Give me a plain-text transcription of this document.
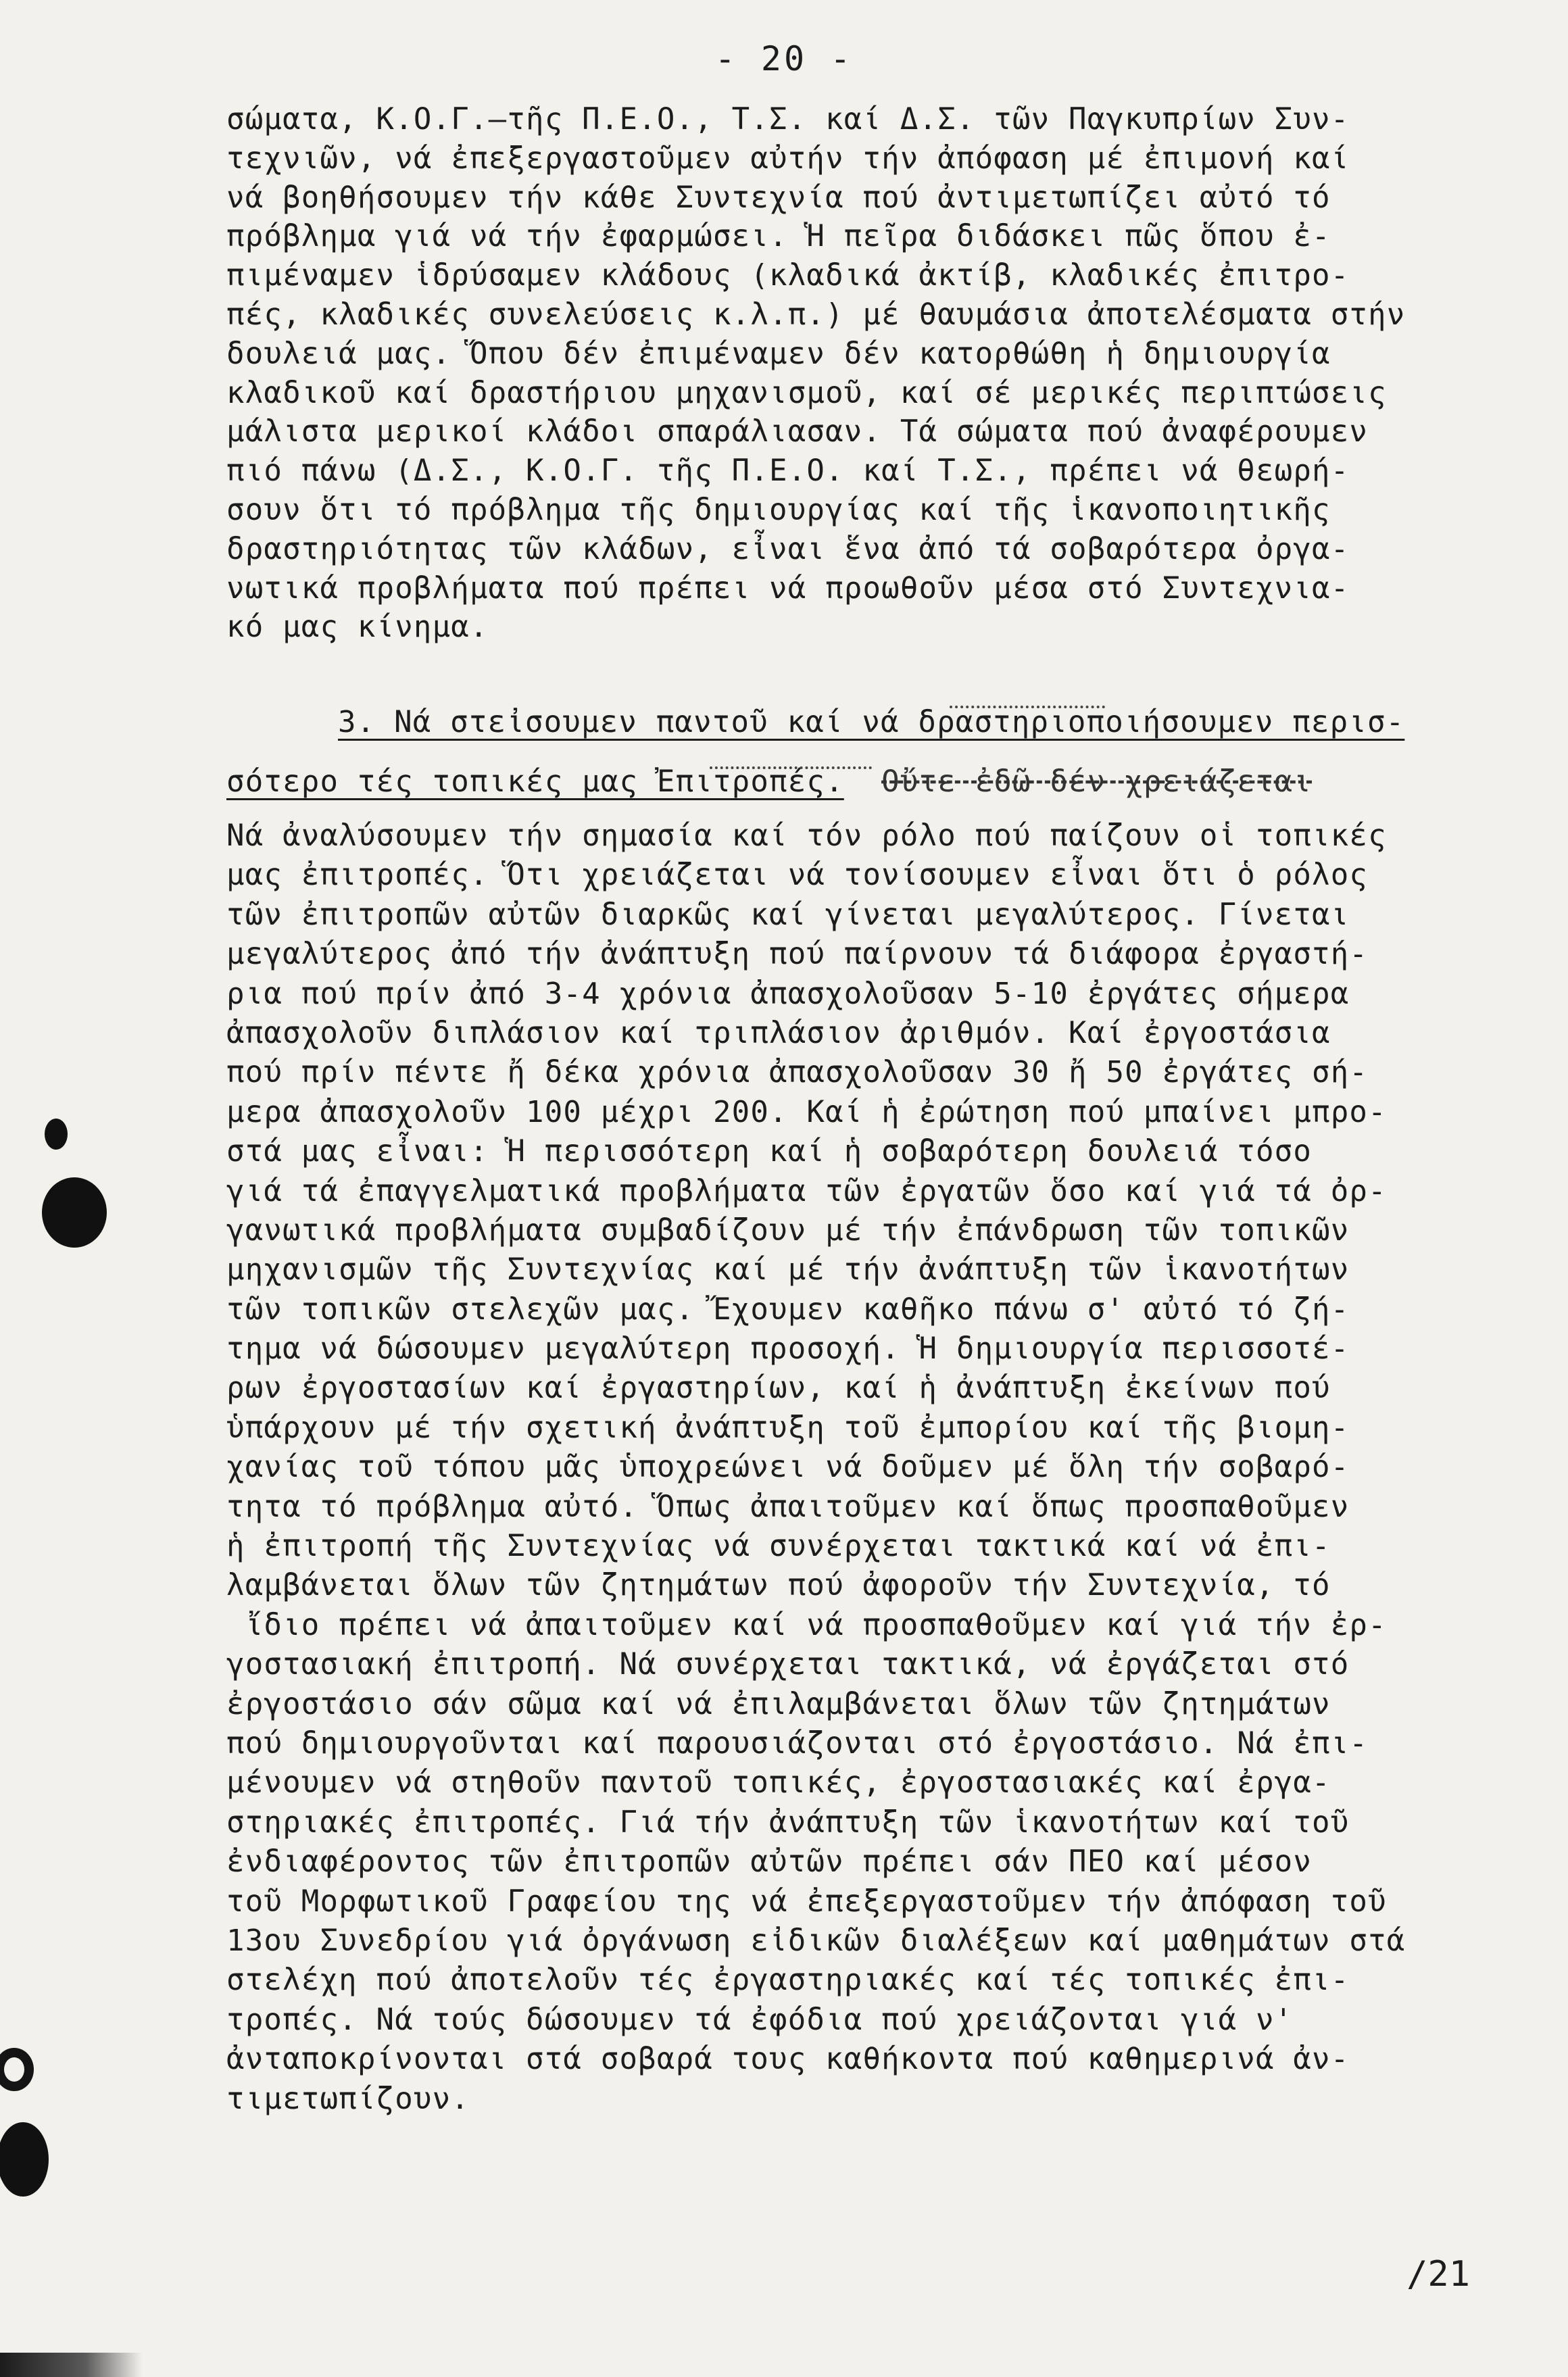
- 20 -
σώματα, Κ.Ο.Γ.–τῆς Π.Ε.Ο., Τ.Σ. καί Δ.Σ. τῶν Παγκυπρίων Συν-
τεχνιῶν, νά ἐπεξεργαστοῦμεν αὐτήν τήν ἀπόφαση μέ ἐπιμονή καί
νά βοηθήσουμεν τήν κάθε Συντεχνία πού ἀντιμετωπίζει αὐτό τό
πρόβλημα γιά νά τήν ἐφαρμώσει. Ἡ πεῖρα διδάσκει πῶς ὅπου ἐ-
πιμέναμεν ἱδρύσαμεν κλάδους (κλαδικά ἀκτίβ, κλαδικές ἐπιτρο-
πές, κλαδικές συνελεύσεις κ.λ.π.) μέ θαυμάσια ἀποτελέσματα στήν
δουλειά μας. Ὅπου δέν ἐπιμέναμεν δέν κατορθώθη ἡ δημιουργία
κλαδικοῦ καί δραστήριου μηχανισμοῦ, καί σέ μερικές περιπτώσεις
μάλιστα μερικοί κλάδοι σπαράλιασαν. Τά σώματα πού ἀναφέρουμεν
πιό πάνω (Δ.Σ., Κ.Ο.Γ. τῆς Π.Ε.Ο. καί Τ.Σ., πρέπει νά θεωρή-
σουν ὅτι τό πρόβλημα τῆς δημιουργίας καί τῆς ἱκανοποιητικῆς
δραστηριότητας τῶν κλάδων, εἶναι ἕνα ἀπό τά σοβαρότερα ὀργα-
νωτικά προβλήματα πού πρέπει νά προωθοῦν μέσα στό Συντεχνια-
κό μας κίνημα.
3. Νά στεἰσουμεν παντοῦ καί νά δραστηριοποιήσουμεν περισ-
σότερο τές τοπικές μας Ἐπιτροπές. Οὔτε ἐδῶ δέν χρειάζεται
Νά ἀναλύσουμεν τήν σημασία καί τόν ρόλο πού παίζουν οἱ τοπικές
μας ἐπιτροπές. Ὅτι χρειάζεται νά τονίσουμεν εἶναι ὅτι ὁ ρόλος
τῶν ἐπιτροπῶν αὐτῶν διαρκῶς καί γίνεται μεγαλύτερος. Γίνεται
μεγαλύτερος ἀπό τήν ἀνάπτυξη πού παίρνουν τά διάφορα ἐργαστή-
ρια πού πρίν ἀπό 3-4 χρόνια ἀπασχολοῦσαν 5-10 ἐργάτες σήμερα
ἀπασχολοῦν διπλάσιον καί τριπλάσιον ἀριθμόν. Καί ἐργοστάσια
πού πρίν πέντε ἤ δέκα χρόνια ἀπασχολοῦσαν 30 ἤ 50 ἐργάτες σή-
μερα ἀπασχολοῦν 100 μέχρι 200. Καί ἡ ἐρώτηση πού μπαίνει μπρο-
στά μας εἶναι: Ἡ περισσότερη καί ἡ σοβαρότερη δουλειά τόσο
γιά τά ἐπαγγελματικά προβλήματα τῶν ἐργατῶν ὅσο καί γιά τά ὀρ-
γανωτικά προβλήματα συμβαδίζουν μέ τήν ἐπάνδρωση τῶν τοπικῶν
μηχανισμῶν τῆς Συντεχνίας καί μέ τήν ἀνάπτυξη τῶν ἱκανοτήτων
τῶν τοπικῶν στελεχῶν μας. Ἔχουμεν καθῆκο πάνω σ' αὐτό τό ζή-
τημα νά δώσουμεν μεγαλύτερη προσοχή. Ἡ δημιουργία περισσοτέ-
ρων ἐργοστασίων καί ἐργαστηρίων, καί ἡ ἀνάπτυξη ἐκείνων πού
ὑπάρχουν μέ τήν σχετική ἀνάπτυξη τοῦ ἐμπορίου καί τῆς βιομη-
χανίας τοῦ τόπου μᾶς ὑποχρεώνει νά δοῦμεν μέ ὅλη τήν σοβαρό-
τητα τό πρόβλημα αὐτό. Ὅπως ἀπαιτοῦμεν καί ὅπως προσπαθοῦμεν
ἡ ἐπιτροπή τῆς Συντεχνίας νά συνέρχεται τακτικά καί νά ἐπι-
λαμβάνεται ὅλων τῶν ζητημάτων πού ἀφοροῦν τήν Συντεχνία, τό
ἴδιο πρέπει νά ἀπαιτοῦμεν καί νά προσπαθοῦμεν καί γιά τήν ἐρ-
γοστασιακή ἐπιτροπή. Νά συνέρχεται τακτικά, νά ἐργάζεται στό
ἐργοστάσιο σάν σῶμα καί νά ἐπιλαμβάνεται ὅλων τῶν ζητημάτων
πού δημιουργοῦνται καί παρουσιάζονται στό ἐργοστάσιο. Νά ἐπι-
μένουμεν νά στηθοῦν παντοῦ τοπικές, ἐργοστασιακές καί ἐργα-
στηριακές ἐπιτροπές. Γιά τήν ἀνάπτυξη τῶν ἱκανοτήτων καί τοῦ
ἐνδιαφέροντος τῶν ἐπιτροπῶν αὐτῶν πρέπει σάν ΠΕΟ καί μέσον
τοῦ Μορφωτικοῦ Γραφείου της νά ἐπεξεργαστοῦμεν τήν ἀπόφαση τοῦ
13ου Συνεδρίου γιά ὀργάνωση εἰδικῶν διαλέξεων καί μαθημάτων στά
στελέχη πού ἀποτελοῦν τές ἐργαστηριακές καί τές τοπικές ἐπι-
τροπές. Νά τούς δώσουμεν τά ἐφόδια πού χρειάζονται γιά ν'
ἀνταποκρίνονται στά σοβαρά τους καθήκοντα πού καθημερινά ἀν-
τιμετωπίζουν.
/21
